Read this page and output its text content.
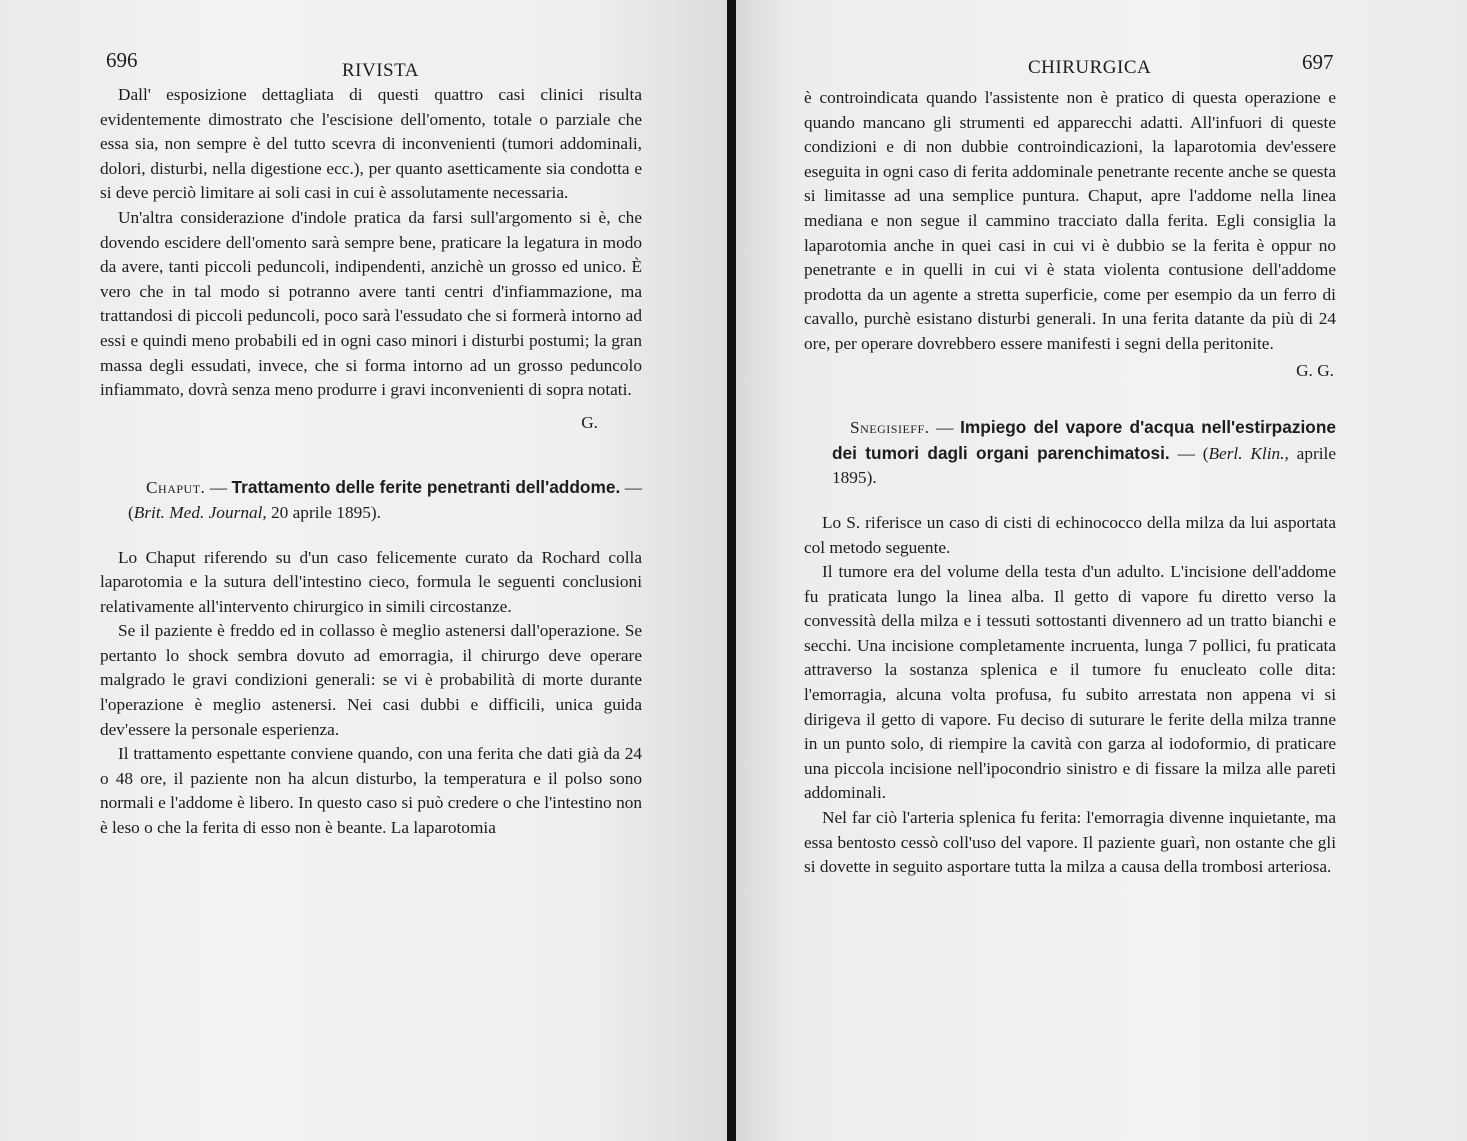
696	RIVISTA

Dall' esposizione dettagliata di questi quattro casi clinici risulta evidentemente dimostrato che l'escisione dell'omento, totale o parziale che essa sia, non sempre è del tutto scevra di inconvenienti (tumori addominali, dolori, disturbi, nella digestione ecc.), per quanto asetticamente sia condotta e si deve perciò limitare ai soli casi in cui è assolutamente necessaria.

Un'altra considerazione d'indole pratica da farsi sull'argomento si è, che dovendo escidere dell'omento sarà sempre bene, praticare la legatura in modo da avere, tanti piccoli peduncoli, indipendenti, anzichè un grosso ed unico. È vero che in tal modo si potranno avere tanti centri d'infiammazione, ma trattandosi di piccoli peduncoli, poco sarà l'essudato che si formerà intorno ad essi e quindi meno probabili ed in ogni caso minori i disturbi postumi; la gran massa degli essudati, invece, che si forma intorno ad un grosso peduncolo infiammato, dovrà senza meno produrre i gravi inconvenienti di sopra notati.

G.

Chaput. — Trattamento delle ferite penetranti dell'addome. — (Brit. Med. Journal, 20 aprile 1895).

Lo Chaput riferendo su d'un caso felicemente curato da Rochard colla laparotomia e la sutura dell'intestino cieco, formula le seguenti conclusioni relativamente all'intervento chirurgico in simili circostanze.

Se il paziente è freddo ed in collasso è meglio astenersi dall'operazione. Se pertanto lo shock sembra dovuto ad emorragia, il chirurgo deve operare malgrado le gravi condizioni generali: se vi è probabilità di morte durante l'operazione è meglio astenersi. Nei casi dubbi e difficili, unica guida dev'essere la personale esperienza.

Il trattamento espettante conviene quando, con una ferita che dati già da 24 o 48 ore, il paziente non ha alcun disturbo, la temperatura e il polso sono normali e l'addome è libero. In questo caso si può credere o che l'intestino non è leso o che la ferita di esso non è beante. La laparotomia

CHIRURGICA	697

è controindicata quando l'assistente non è pratico di questa operazione e quando mancano gli strumenti ed apparecchi adatti. All'infuori di queste condizioni e di non dubbie controindicazioni, la laparotomia dev'essere eseguita in ogni caso di ferita addominale penetrante recente anche se questa si limitasse ad una semplice puntura. Chaput, apre l'addome nella linea mediana e non segue il cammino tracciato dalla ferita. Egli consiglia la laparotomia anche in quei casi in cui vi è dubbio se la ferita è oppur no penetrante e in quelli in cui vi è stata violenta contusione dell'addome prodotta da un agente a stretta superficie, come per esempio da un ferro di cavallo, purchè esistano disturbi generali. In una ferita datante da più di 24 ore, per operare dovrebbero essere manifesti i segni della peritonite.

G. G.

Snegisieff. — Impiego del vapore d'acqua nell'estirpazione dei tumori dagli organi parenchimatosi. — (Berl. Klin., aprile 1895).

Lo S. riferisce un caso di cisti di echinococco della milza da lui asportata col metodo seguente.

Il tumore era del volume della testa d'un adulto. L'incisione dell'addome fu praticata lungo la linea alba. Il getto di vapore fu diretto verso la convessità della milza e i tessuti sottostanti divennero ad un tratto bianchi e secchi. Una incisione completamente incruenta, lunga 7 pollici, fu praticata attraverso la sostanza splenica e il tumore fu enucleato colle dita: l'emorragia, alcuna volta profusa, fu subito arrestata non appena vi si dirigeva il getto di vapore. Fu deciso di suturare le ferite della milza tranne in un punto solo, di riempire la cavità con garza al iodoformio, di praticare una piccola incisione nell'ipocondrio sinistro e di fissare la milza alle pareti addominali.

Nel far ciò l'arteria splenica fu ferita: l'emorragia divenne inquietante, ma essa bentosto cessò coll'uso del vapore. Il paziente guarì, non ostante che gli si dovette in seguito asportare tutta la milza a causa della trombosi arteriosa.
